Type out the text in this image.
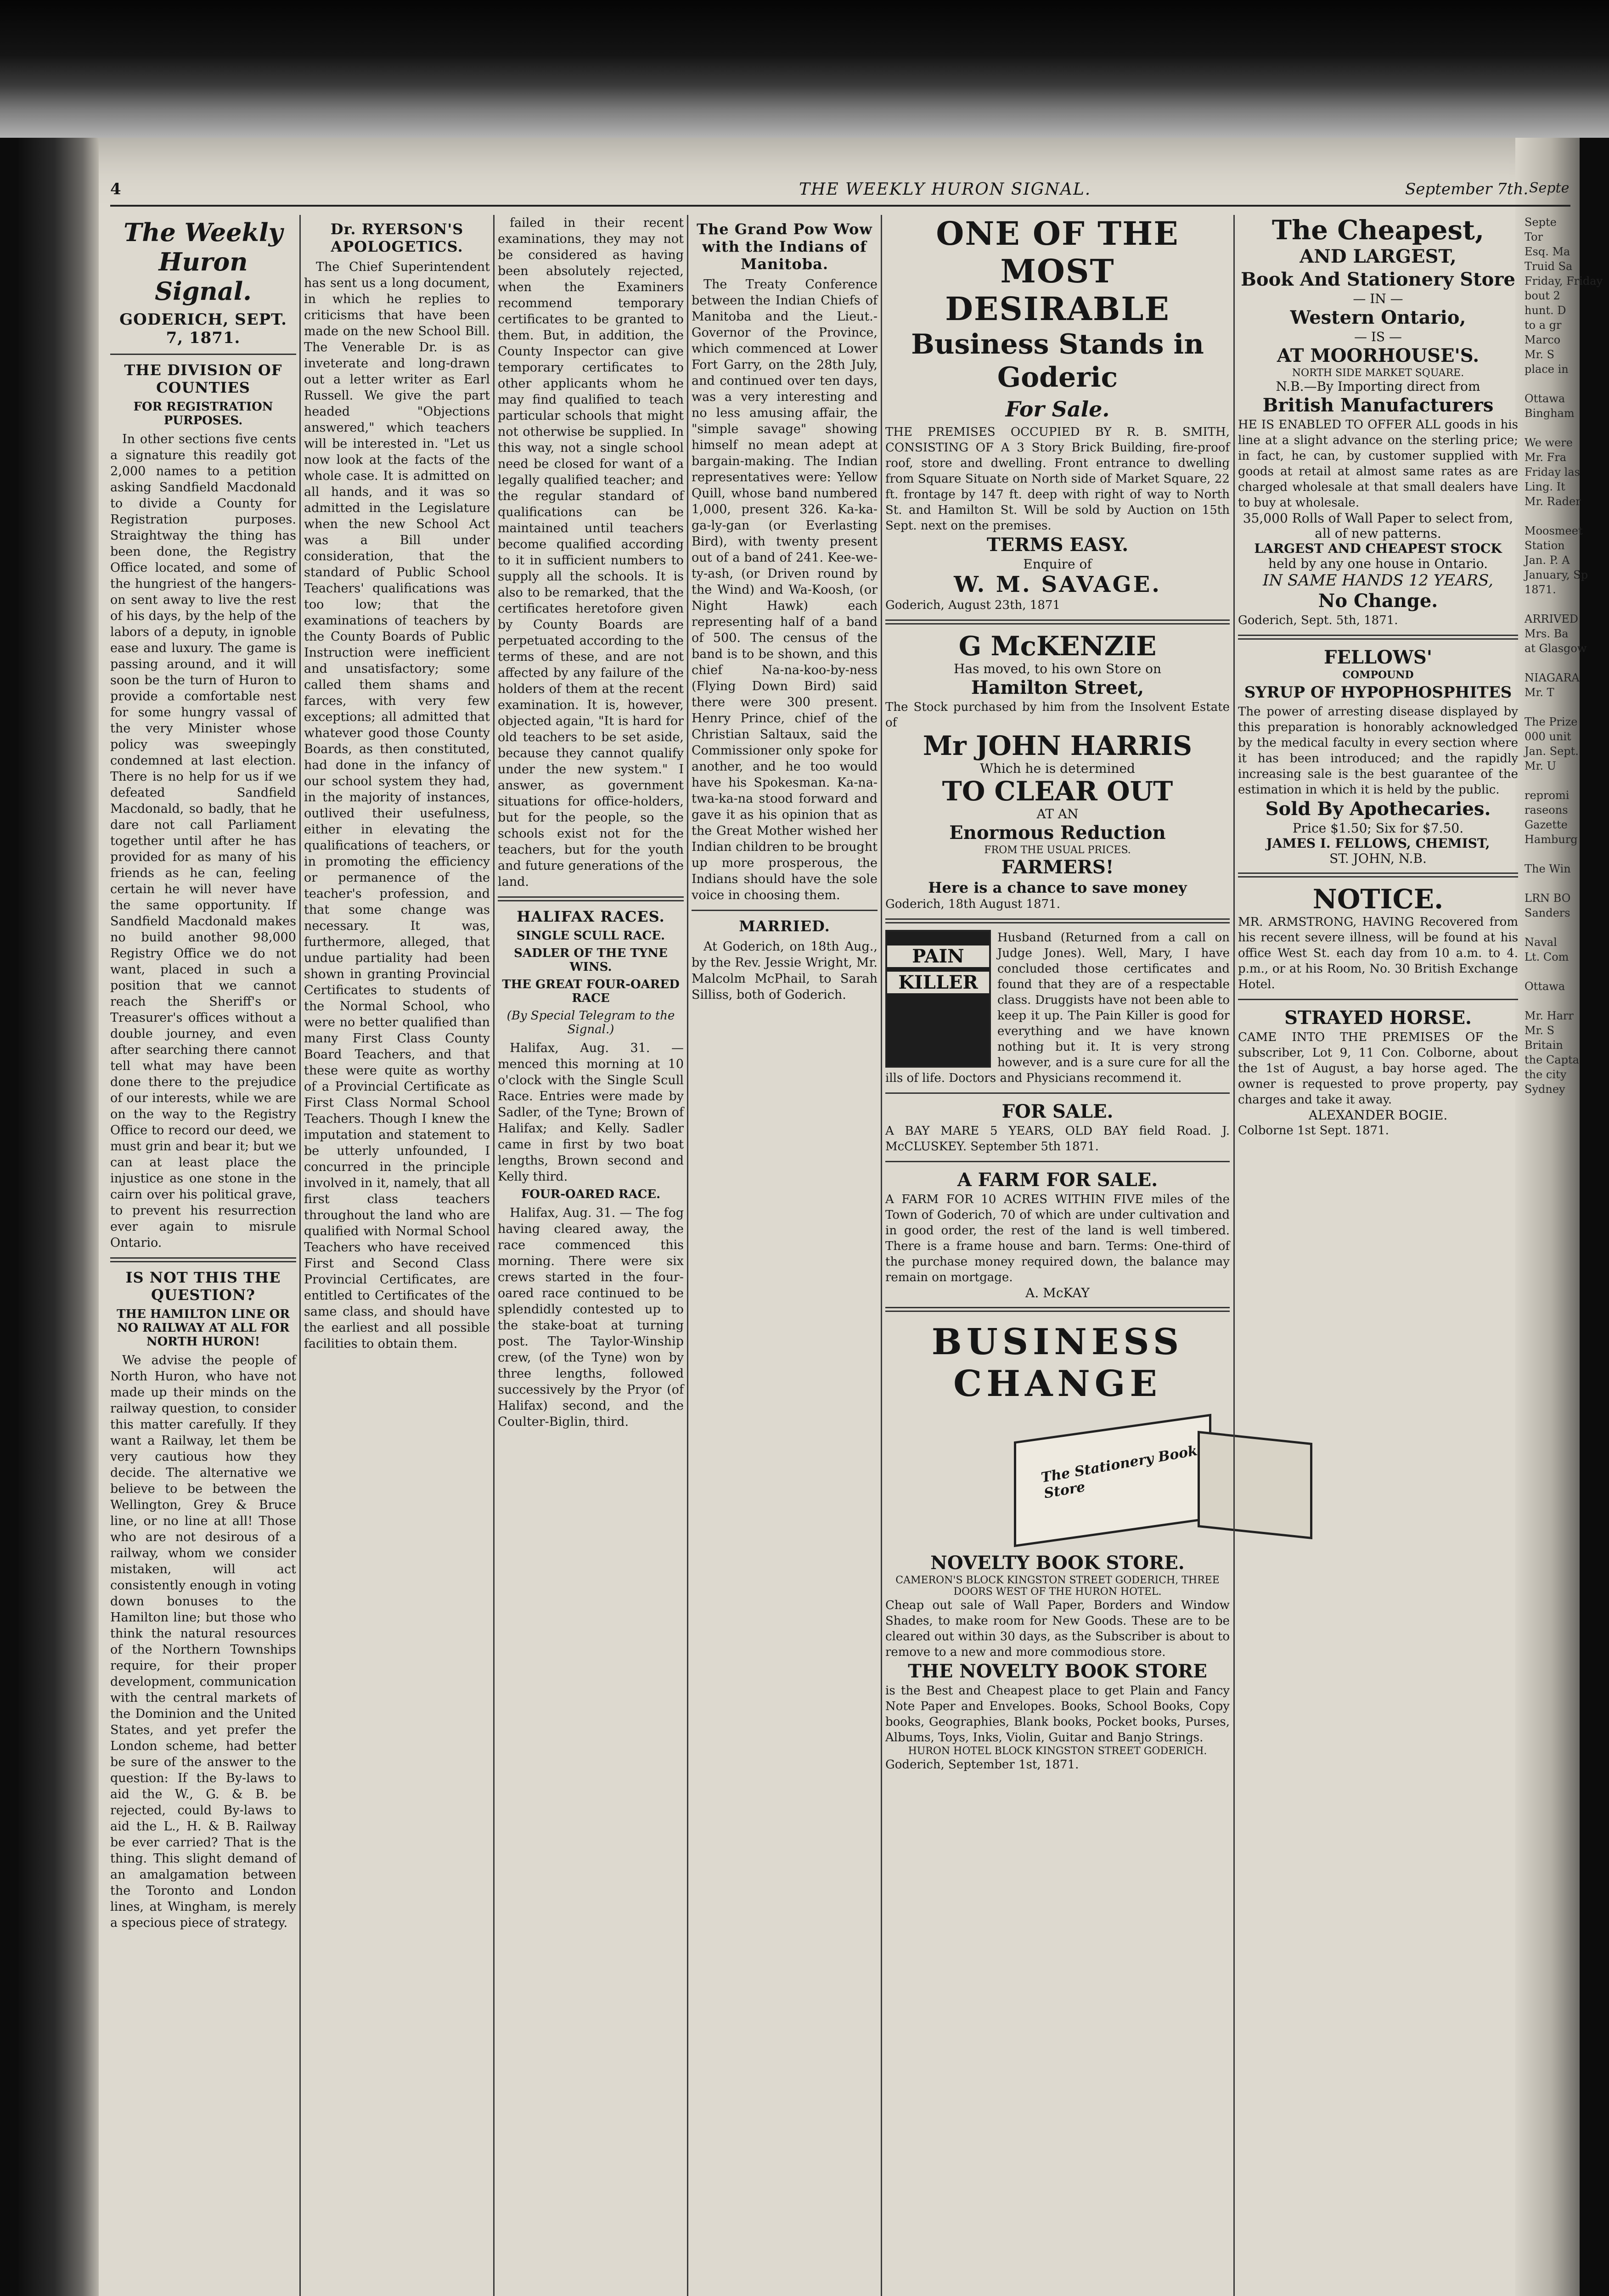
4	THE WEEKLY HURON SIGNAL.	September 7th. Septe
The Weekly Huron Signal.
GODERICH, SEPT. 7, 1871.
THE DIVISION OF COUNTIES
FOR REGISTRATION PURPOSES.

In other sections five cents a signature this readily got 2,000 names to a petition asking Sandfield Macdonald to divide a County for Registration purposes. Straightway the thing has been done, the Registry Office located, and some of the hungriest of the hangers-on sent away to live the rest of his days, by the help of the labors of a deputy, in ignoble ease and luxury. The game is passing around, and it will soon be the turn of Huron to provide a comfortable nest for some hungry vassal of the very Minister whose policy was sweepingly condemned at last election. There is no help for us if we defeated Sandfield Macdonald, so badly, that he dare not call Parliament together until after he has provided for as many of his friends as he can, feeling certain he will never have the same opportunity. If Sandfield Macdonald makes no build another 98,000 Registry Office we do not want, placed in such a position that we cannot reach the Sheriff's or Treasurer's offices without a double journey, and even after searching there cannot tell what may have been done there to the prejudice of our interests, while we are on the way to the Registry Office to record our deed, we must grin and bear it; but we can at least place the injustice as one stone in the cairn over his political grave, to prevent his resurrection ever again to misrule Ontario.

IS NOT THIS THE QUESTION?
THE HAMILTON LINE OR NO RAILWAY AT ALL FOR NORTH HURON!

We advise the people of North Huron, who have not made up their minds on the railway question, to consider this matter carefully. If they want a Railway, let them be very cautious how they decide. The alternative we believe to be between the Wellington, Grey & Bruce line, or no line at all! Those who are not desirous of a railway, whom we consider mistaken, will act consistently enough in voting down bonuses to the Hamilton line; but those who think the natural resources of the Northern Townships require, for their proper development, communication with the central markets of the Dominion and the United States, and yet prefer the London scheme, had better be sure of the answer to the question: If the By-laws to aid the W., G. & B. be rejected, could By-laws to aid the L., H. & B. Railway be ever carried? That is the thing. This slight demand of an amalgamation between the Toronto and London lines, at Wingham, is merely a specious piece of strategy.

Dr. RYERSON'S APOLOGETICS.

The Chief Superintendent has sent us a long document, in which he replies to criticisms that have been made on the new School Bill. The Venerable Dr. is as inveterate and long-drawn out a letter writer as Earl Russell. We give the part headed "Objections answered," which teachers will be interested in. "Let us now look at the facts of the whole case. It is admitted on all hands, and it was so admitted in the Legislature when the new School Act was a Bill under consideration, that the standard of Public School Teachers' qualifications was too low; that the examinations of teachers by the County Boards of Public Instruction were inefficient and unsatisfactory; some called them shams and farces, with very few exceptions; all admitted that whatever good those County Boards, as then constituted, had done in the infancy of our school system they had, in the majority of instances, outlived their usefulness, either in elevating the qualifications of teachers, or in promoting the efficiency or permanence of the teacher's profession, and that some change was necessary. It was, furthermore, alleged, that undue partiality had been shown in granting Provincial Certificates to students of the Normal School, who were no better qualified than many First Class County Board Teachers, and that these were quite as worthy of a Provincial Certificate as First Class Normal School Teachers. Though I knew the imputation and statement to be utterly unfounded, I concurred in the principle involved in it, namely, that all first class teachers throughout the land who are qualified with Normal School Teachers who have received First and Second Class Provincial Certificates, are entitled to Certificates of the same class, and should have the earliest and all possible facilities to obtain them.

failed in their recent examinations, they may not be considered as having been absolutely rejected, when the Examiners recommend temporary certificates to be granted to them. But, in addition, the County Inspector can give temporary certificates to other applicants whom he may find qualified to teach particular schools that might not otherwise be supplied. In this way, not a single school need be closed for want of a legally qualified teacher; and the regular standard of qualifications can be maintained until teachers become qualified according to it in sufficient numbers to supply all the schools. It is also to be remarked, that the certificates heretofore given by County Boards are perpetuated according to the terms of these, and are not affected by any failure of the holders of them at the recent examination. It is, however, objected again, "It is hard for old teachers to be set aside, because they cannot qualify under the new system." I answer, as government situations for office-holders, but for the people, so the schools exist not for the teachers, but for the youth and future generations of the land.

HALIFAX RACES.
SINGLE SCULL RACE.
SADLER OF THE TYNE WINS.
THE GREAT FOUR-OARED RACE
(By Special Telegram to the Signal.)

Halifax, Aug. 31. — menced this morning at 10 o'clock with the Single Scull Race. Entries were made by Sadler, of the Tyne; Brown of Halifax; and Kelly. Sadler came in first by two boat lengths, Brown second and Kelly third.

FOUR-OARED RACE.

Halifax, Aug. 31. — The fog having cleared away, the race commenced this morning. There were six crews started in the four-oared race continued to be splendidly contested up to the stake-boat at turning post. The Taylor-Winship crew, (of the Tyne) won by three lengths, followed successively by the Pryor (of Halifax) second, and the Coulter-Biglin, third.

The Grand Pow Wow with the Indians of Manitoba.

The Treaty Conference between the Indian Chiefs of Manitoba and the Lieut.-Governor of the Province, which commenced at Lower Fort Garry, on the 28th July, and continued over ten days, was a very interesting and no less amusing affair, the "simple savage" showing himself no mean adept at bargain-making. The Indian representatives were: Yellow Quill, whose band numbered 1,000, present 326. Ka-ka-ga-ly-gan (or Everlasting Bird), with twenty present out of a band of 241. Kee-we-ty-ash, (or Driven round by the Wind) and Wa-Koosh, (or Night Hawk) each representing half of a band of 500. The census of the band is to be shown, and this chief Na-na-koo-by-ness (Flying Down Bird) said there were 300 present. Henry Prince, chief of the Christian Saltaux, said the Commissioner only spoke for another, and he too would have his Spokesman. Ka-na-twa-ka-na stood forward and gave it as his opinion that as the Great Mother wished her Indian children to be brought up more prosperous, the Indians should have the sole voice in choosing them.

MARRIED.

At Goderich, on 18th Aug., by the Rev. Jessie Wright, Mr. Malcolm McPhail, to Sarah Silliss, both of Goderich.

ONE OF THE MOST DESIRABLE
Business Stands in Goderic
For Sale.
THE PREMISES OCCUPIED BY R. B. SMITH, CONSISTING OF A 3 Story Brick Building, fire-proof roof, store and dwelling. Front entrance to dwelling from Square Situate on North side of Market Square, 22 ft. frontage by 147 ft. deep with right of way to North St. and Hamilton St. Will be sold by Auction on 15th Sept. next on the premises.
TERMS EASY.
Enquire of
W. M. SAVAGE.
Goderich, August 23th, 1871
G McKENZIE
Has moved, to his own Store on
Hamilton Street,
The Stock purchased by him from the Insolvent Estate of
Mr JOHN HARRIS
Which he is determined
TO CLEAR OUT
AT AN
Enormous Reduction
FROM THE USUAL PRICES.
FARMERS!
Here is a chance to save money
Goderich, 18th August 1871.
PAIN
KILLER
Husband (Returned from a call on Judge Jones). Well, Mary, I have concluded those certificates and found that they are of a respectable class. Druggists have not been able to keep it up. The Pain Killer is good for everything and we have known nothing but it. It is very strong however, and is a sure cure for all the ills of life. Doctors and Physicians recommend it.
FOR SALE.
A BAY MARE 5 YEARS, OLD BAY field Road. J. McCLUSKEY. September 5th 1871.
A FARM FOR SALE.
A FARM FOR 10 ACRES WITHIN FIVE miles of the Town of Goderich, 70 of which are under cultivation and in good order, the rest of the land is well timbered. There is a frame house and barn. Terms: One-third of the purchase money required down, the balance may remain on mortgage.
A. McKAY
BUSINESS CHANGE
The Stationery Book Store
NOVELTY BOOK STORE.
CAMERON'S BLOCK KINGSTON STREET GODERICH, THREE DOORS WEST OF THE HURON HOTEL.
Cheap out sale of Wall Paper, Borders and Window Shades, to make room for New Goods. These are to be cleared out within 30 days, as the Subscriber is about to remove to a new and more commodious store.
THE NOVELTY BOOK STORE
is the Best and Cheapest place to get Plain and Fancy Note Paper and Envelopes. Books, School Books, Copy books, Geographies, Blank books, Pocket books, Purses, Albums, Toys, Inks, Violin, Guitar and Banjo Strings.
HURON HOTEL BLOCK KINGSTON STREET GODERICH.
Goderich, September 1st, 1871.
The Cheapest,
AND LARGEST,
Book And Stationery Store
— IN —
Western Ontario,
— IS —
AT MOORHOUSE'S.
NORTH SIDE MARKET SQUARE.
N.B.—By Importing direct from
British Manufacturers
HE IS ENABLED TO OFFER ALL goods in his line at a slight advance on the sterling price; in fact, he can, by customer supplied with goods at retail at almost same rates as are charged wholesale at that small dealers have to buy at wholesale.
35,000 Rolls of Wall Paper to select from, all of new patterns.
LARGEST AND CHEAPEST STOCK
held by any one house in Ontario.
IN SAME HANDS 12 YEARS,
No Change.
Goderich, Sept. 5th, 1871.
FELLOWS'
COMPOUND
SYRUP OF HYPOPHOSPHITES
The power of arresting disease displayed by this preparation is honorably acknowledged by the medical faculty in every section where it has been introduced; and the rapidly increasing sale is the best guarantee of the estimation in which it is held by the public.
Sold By Apothecaries.
Price $1.50; Six for $7.50.
JAMES I. FELLOWS, CHEMIST,
ST. JOHN, N.B.
NOTICE.
MR. ARMSTRONG, HAVING Recovered from his recent severe illness, will be found at his office West St. each day from 10 a.m. to 4. p.m., or at his Room, No. 30 British Exchange Hotel.
STRAYED HORSE.
CAME INTO THE PREMISES OF the subscriber, Lot 9, 11 Con. Colborne, about the 1st of August, a bay horse aged. The owner is requested to prove property, pay charges and take it away.
ALEXANDER BOGIE.
Colborne 1st Sept. 1871.
Septe
Tor
Esq. Ma
Truid Sa
Friday, Friday
bout 2
hunt. D
to a gr
Marco
Mr. S
place in

Ottawa
Bingham

We were
Mr. Fra
Friday las
Ling. It
Mr. Rader

Moosmeet
Station
Jan. P. A
January, Sp
1871.

ARRIVED
Mrs. Ba
at Glasgow

NIAGARA
Mr. T

The Prize
000 unit
Jan. Sept.
Mr. U

repromi
raseons
Gazette
Hamburg

The Win

LRN BO
Sanders

Naval
Lt. Com

Ottawa

Mr. Harr
Mr. S
Britain
the Capta
the city
Sydney
